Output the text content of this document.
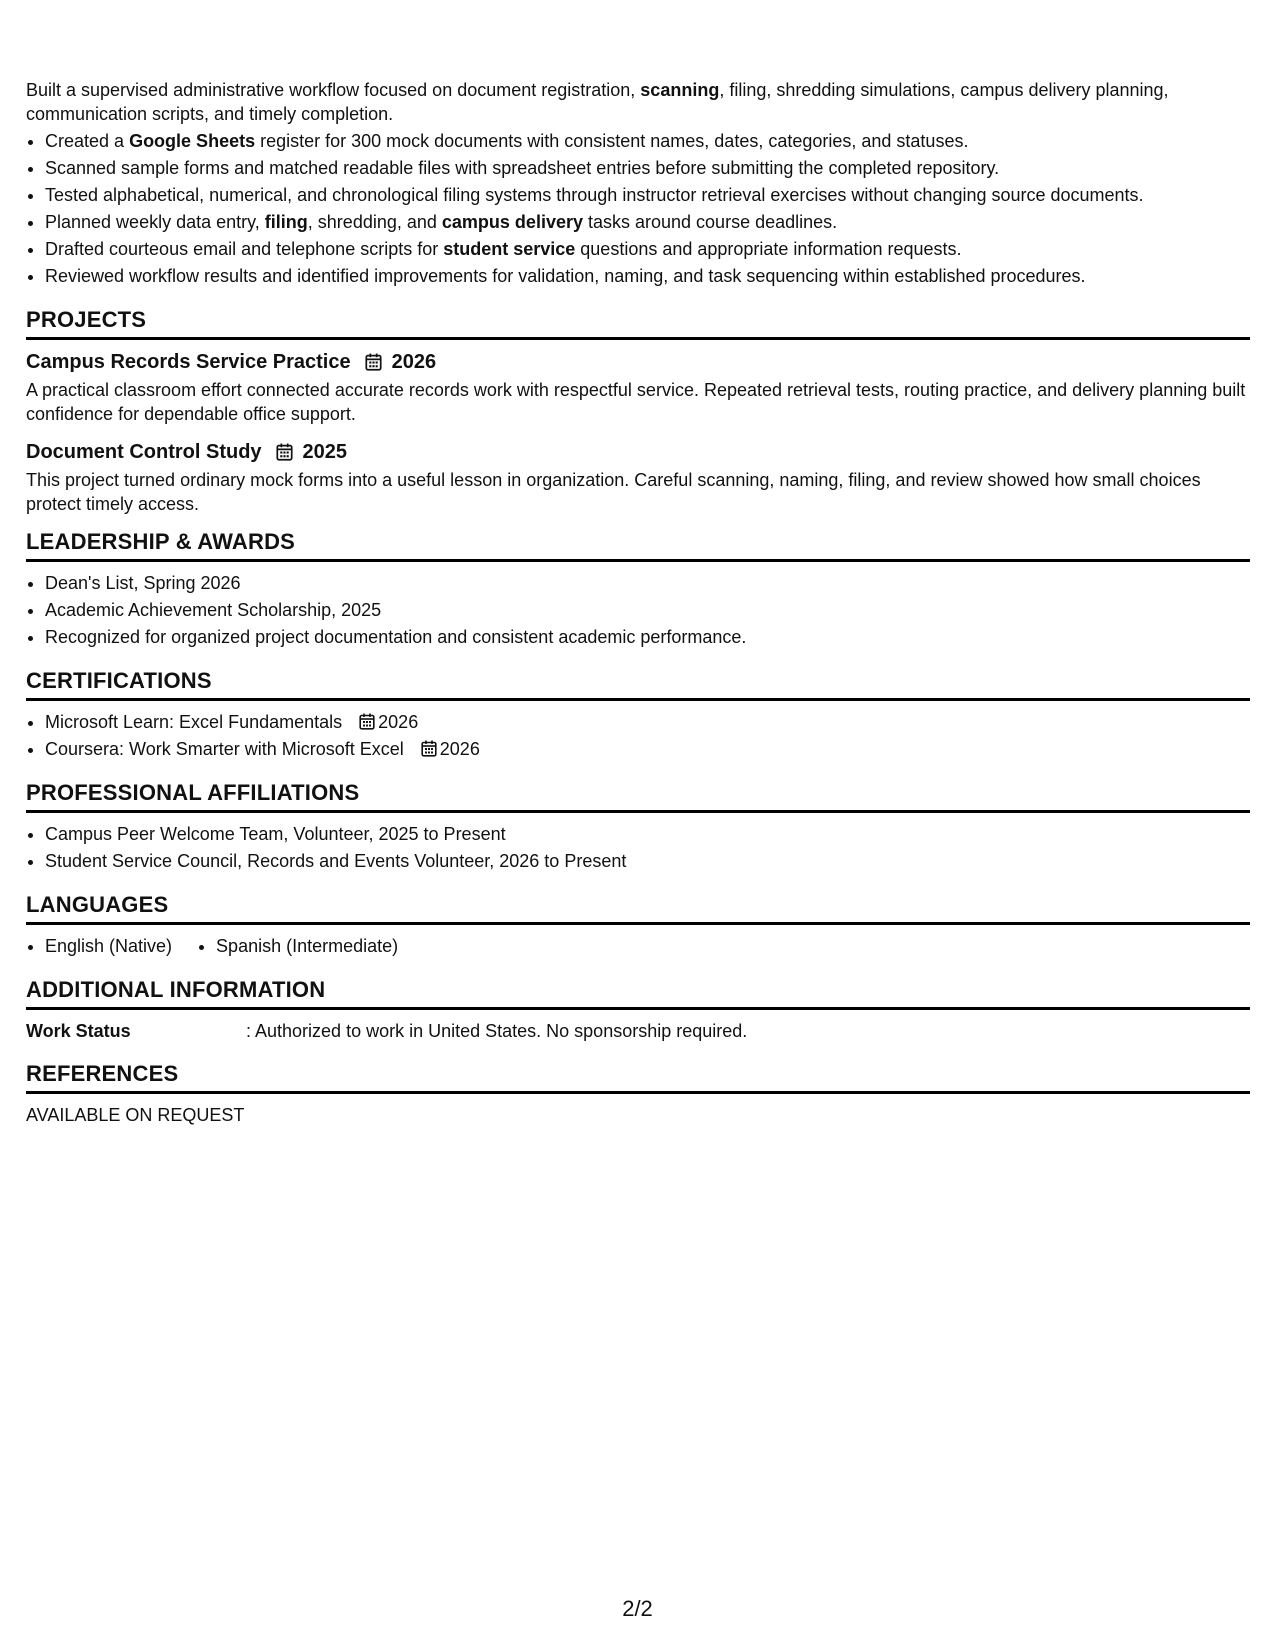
Built a supervised administrative workflow focused on document registration, scanning, filing, shredding simulations, campus delivery planning, communication scripts, and timely completion.

• Created a Google Sheets register for 300 mock documents with consistent names, dates, categories, and statuses.
• Scanned sample forms and matched readable files with spreadsheet entries before submitting the completed repository.
• Tested alphabetical, numerical, and chronological filing systems through instructor retrieval exercises without changing source documents.
• Planned weekly data entry, filing, shredding, and campus delivery tasks around course deadlines.
• Drafted courteous email and telephone scripts for student service questions and appropriate information requests.
• Reviewed workflow results and identified improvements for validation, naming, and task sequencing within established procedures.
PROJECTS
Campus Records Service Practice 2026
A practical classroom effort connected accurate records work with respectful service. Repeated retrieval tests, routing practice, and delivery planning built confidence for dependable office support.
Document Control Study 2025
This project turned ordinary mock forms into a useful lesson in organization. Careful scanning, naming, filing, and review showed how small choices protect timely access.
LEADERSHIP & AWARDS
• Dean's List, Spring 2026
• Academic Achievement Scholarship, 2025
• Recognized for organized project documentation and consistent academic performance.
CERTIFICATIONS
• Microsoft Learn: Excel Fundamentals 2026
• Coursera: Work Smarter with Microsoft Excel 2026
PROFESSIONAL AFFILIATIONS
• Campus Peer Welcome Team, Volunteer, 2025 to Present
• Student Service Council, Records and Events Volunteer, 2026 to Present
LANGUAGES
• English (Native)
• Spanish (Intermediate)
ADDITIONAL INFORMATION
Work Status	: Authorized to work in United States. No sponsorship required.
REFERENCES
AVAILABLE ON REQUEST
2/2
